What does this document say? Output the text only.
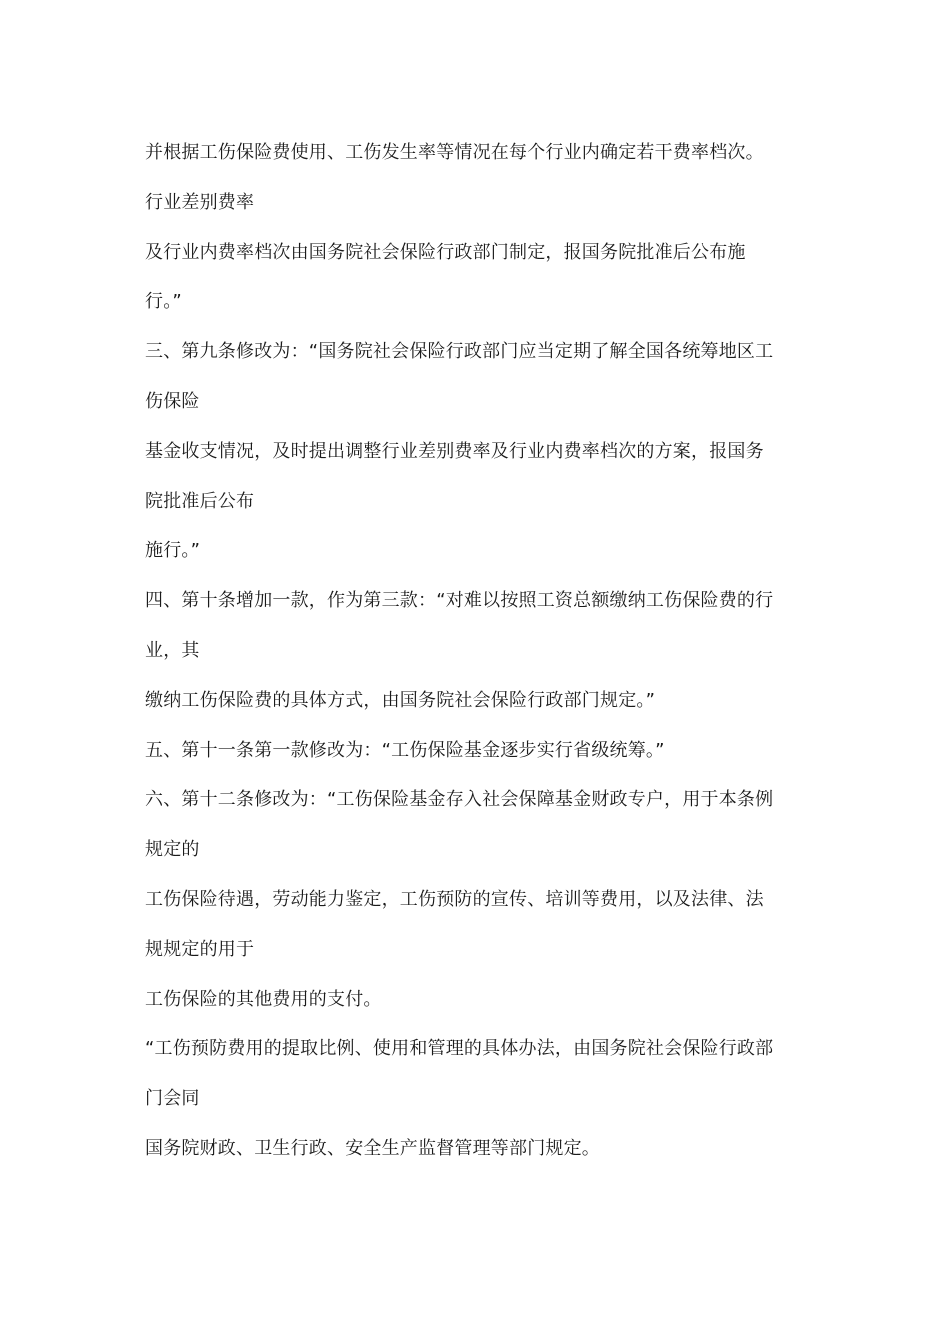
并根据工伤保险费使用、工伤发生率等情况在每个行业内确定若干费率档次。
行业差别费率
及行业内费率档次由国务院社会保险行政部门制定，报国务院批准后公布施
行。”
三、第九条修改为：“国务院社会保险行政部门应当定期了解全国各统筹地区工
伤保险
基金收支情况，及时提出调整行业差别费率及行业内费率档次的方案，报国务
院批准后公布
施行。”
四、第十条增加一款，作为第三款：“对难以按照工资总额缴纳工伤保险费的行
业，其
缴纳工伤保险费的具体方式，由国务院社会保险行政部门规定。”
五、第十一条第一款修改为：“工伤保险基金逐步实行省级统筹。”
六、第十二条修改为：“工伤保险基金存入社会保障基金财政专户，用于本条例
规定的
工伤保险待遇，劳动能力鉴定，工伤预防的宣传、培训等费用，以及法律、法
规规定的用于
工伤保险的其他费用的支付。
“工伤预防费用的提取比例、使用和管理的具体办法，由国务院社会保险行政部
门会同
国务院财政、卫生行政、安全生产监督管理等部门规定。
